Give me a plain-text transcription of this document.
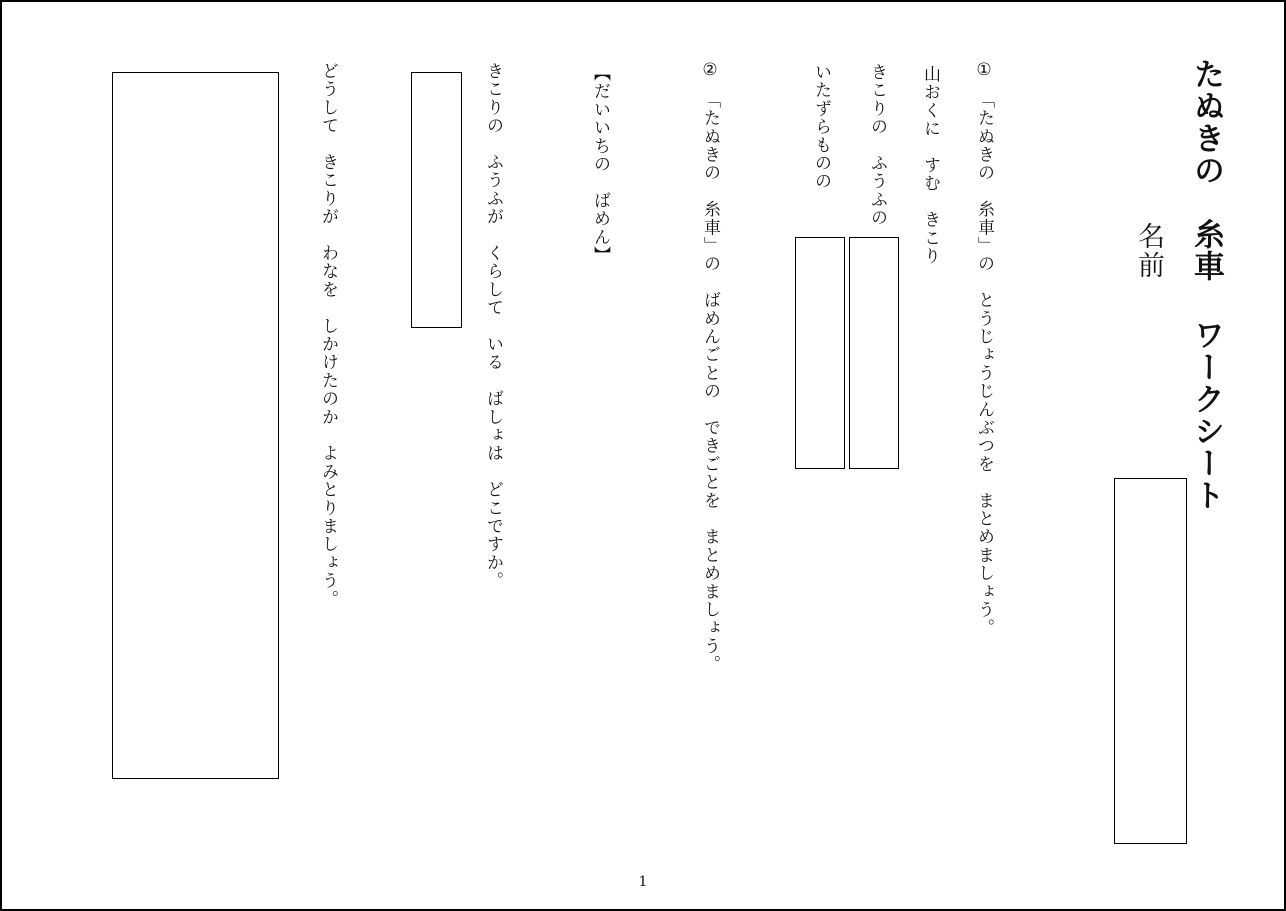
たぬきの　糸車 ワークシート
名前
①　「たぬきの　糸車」の　とうじょうじんぶつを　まとめましょう。
山おくに　すむ　きこり
きこりの　ふうふの
いたずらものの
②　「たぬきの　糸車」の　ばめんごとの　できごとを　まとめましょう。
【だいいちの　ばめん】
きこりの　ふうふが　くらして　いる　ばしょは　どこですか。
どうして　きこりが　わなを　しかけたのか　よみとりましょう。
1
